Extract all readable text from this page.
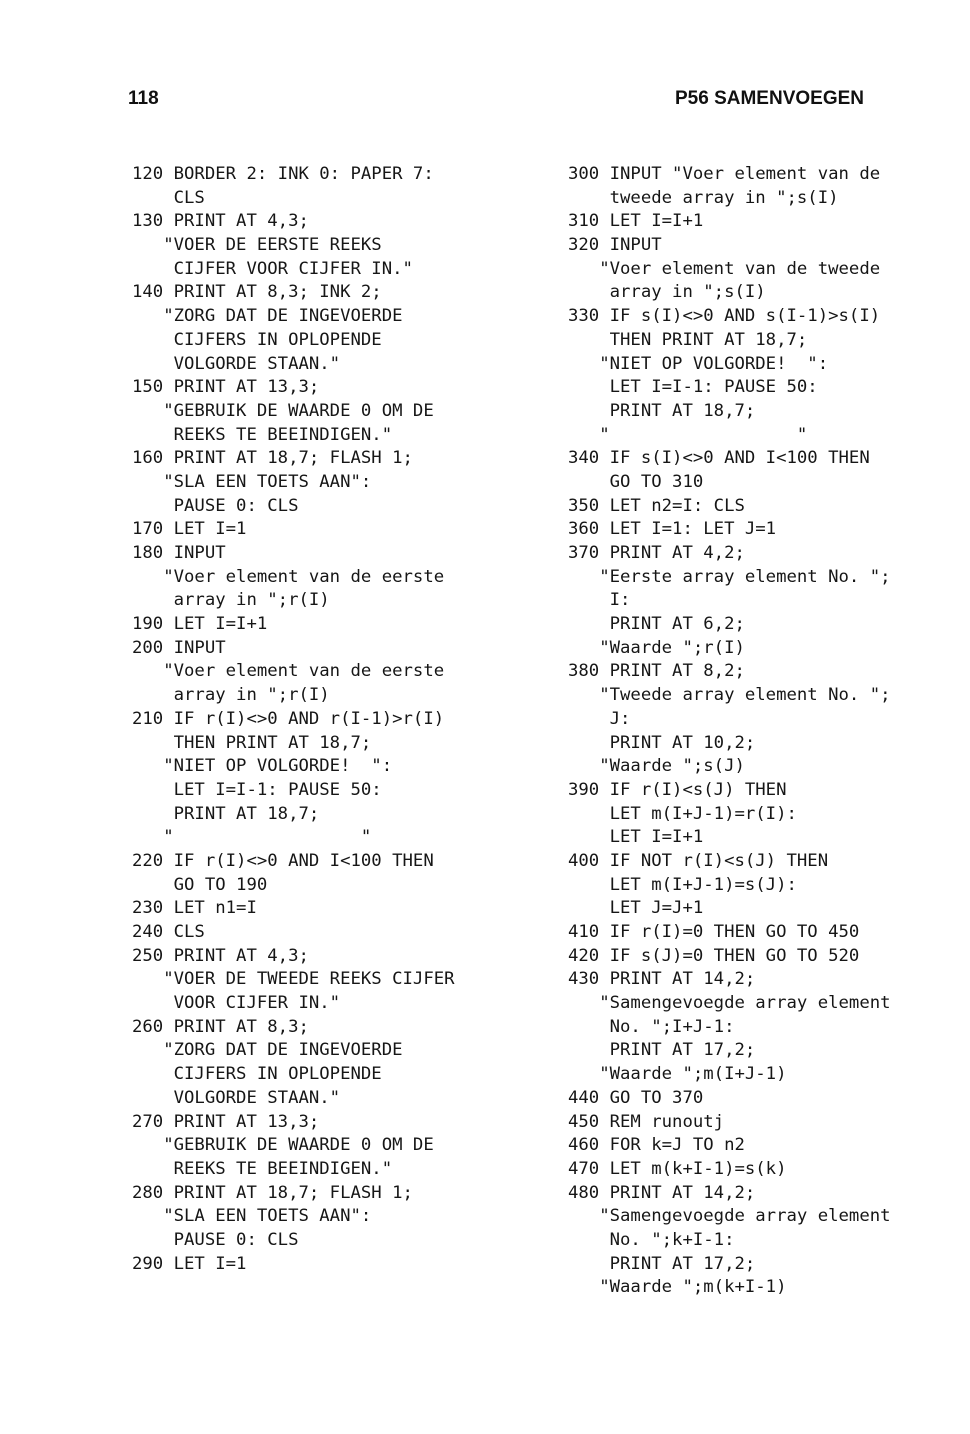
118	P56 SAMENVOEGEN
120 BORDER 2: INK 0: PAPER 7:
CLS
130 PRINT AT 4,3;
"VOER DE EERSTE REEKS
CIJFER VOOR CIJFER IN."
140 PRINT AT 8,3; INK 2;
"ZORG DAT DE INGEVOERDE
CIJFERS IN OPLOPENDE
VOLGORDE STAAN."
150 PRINT AT 13,3;
"GEBRUIK DE WAARDE 0 OM DE
REEKS TE BEEINDIGEN."
160 PRINT AT 18,7; FLASH 1;
"SLA EEN TOETS AAN":
PAUSE 0: CLS
170 LET I=1
180 INPUT
"Voer element van de eerste
array in ";r(I)
190 LET I=I+1
200 INPUT
"Voer element van de eerste
array in ";r(I)
210 IF r(I)<>0 AND r(I-1)>r(I)
THEN PRINT AT 18,7;
"NIET OP VOLGORDE!  ":
LET I=I-1: PAUSE 50:
PRINT AT 18,7;
"                  "
220 IF r(I)<>0 AND I<100 THEN
GO TO 190
230 LET n1=I
240 CLS
250 PRINT AT 4,3;
"VOER DE TWEEDE REEKS CIJFER
VOOR CIJFER IN."
260 PRINT AT 8,3;
"ZORG DAT DE INGEVOERDE
CIJFERS IN OPLOPENDE
VOLGORDE STAAN."
270 PRINT AT 13,3;
"GEBRUIK DE WAARDE 0 OM DE
REEKS TE BEEINDIGEN."
280 PRINT AT 18,7; FLASH 1;
"SLA EEN TOETS AAN":
PAUSE 0: CLS
290 LET I=1
300 INPUT "Voer element van de
tweede array in ";s(I)
310 LET I=I+1
320 INPUT
"Voer element van de tweede
array in ";s(I)
330 IF s(I)<>0 AND s(I-1)>s(I)
THEN PRINT AT 18,7;
"NIET OP VOLGORDE!  ":
LET I=I-1: PAUSE 50:
PRINT AT 18,7;
"                  "
340 IF s(I)<>0 AND I<100 THEN
GO TO 310
350 LET n2=I: CLS
360 LET I=1: LET J=1
370 PRINT AT 4,2;
"Eerste array element No. ";
I:
PRINT AT 6,2;
"Waarde ";r(I)
380 PRINT AT 8,2;
"Tweede array element No. ";
J:
PRINT AT 10,2;
"Waarde ";s(J)
390 IF r(I)<s(J) THEN
LET m(I+J-1)=r(I):
LET I=I+1
400 IF NOT r(I)<s(J) THEN
LET m(I+J-1)=s(J):
LET J=J+1
410 IF r(I)=0 THEN GO TO 450
420 IF s(J)=0 THEN GO TO 520
430 PRINT AT 14,2;
"Samengevoegde array element
No. ";I+J-1:
PRINT AT 17,2;
"Waarde ";m(I+J-1)
440 GO TO 370
450 REM runoutj
460 FOR k=J TO n2
470 LET m(k+I-1)=s(k)
480 PRINT AT 14,2;
"Samengevoegde array element
No. ";k+I-1:
PRINT AT 17,2;
"Waarde ";m(k+I-1)
